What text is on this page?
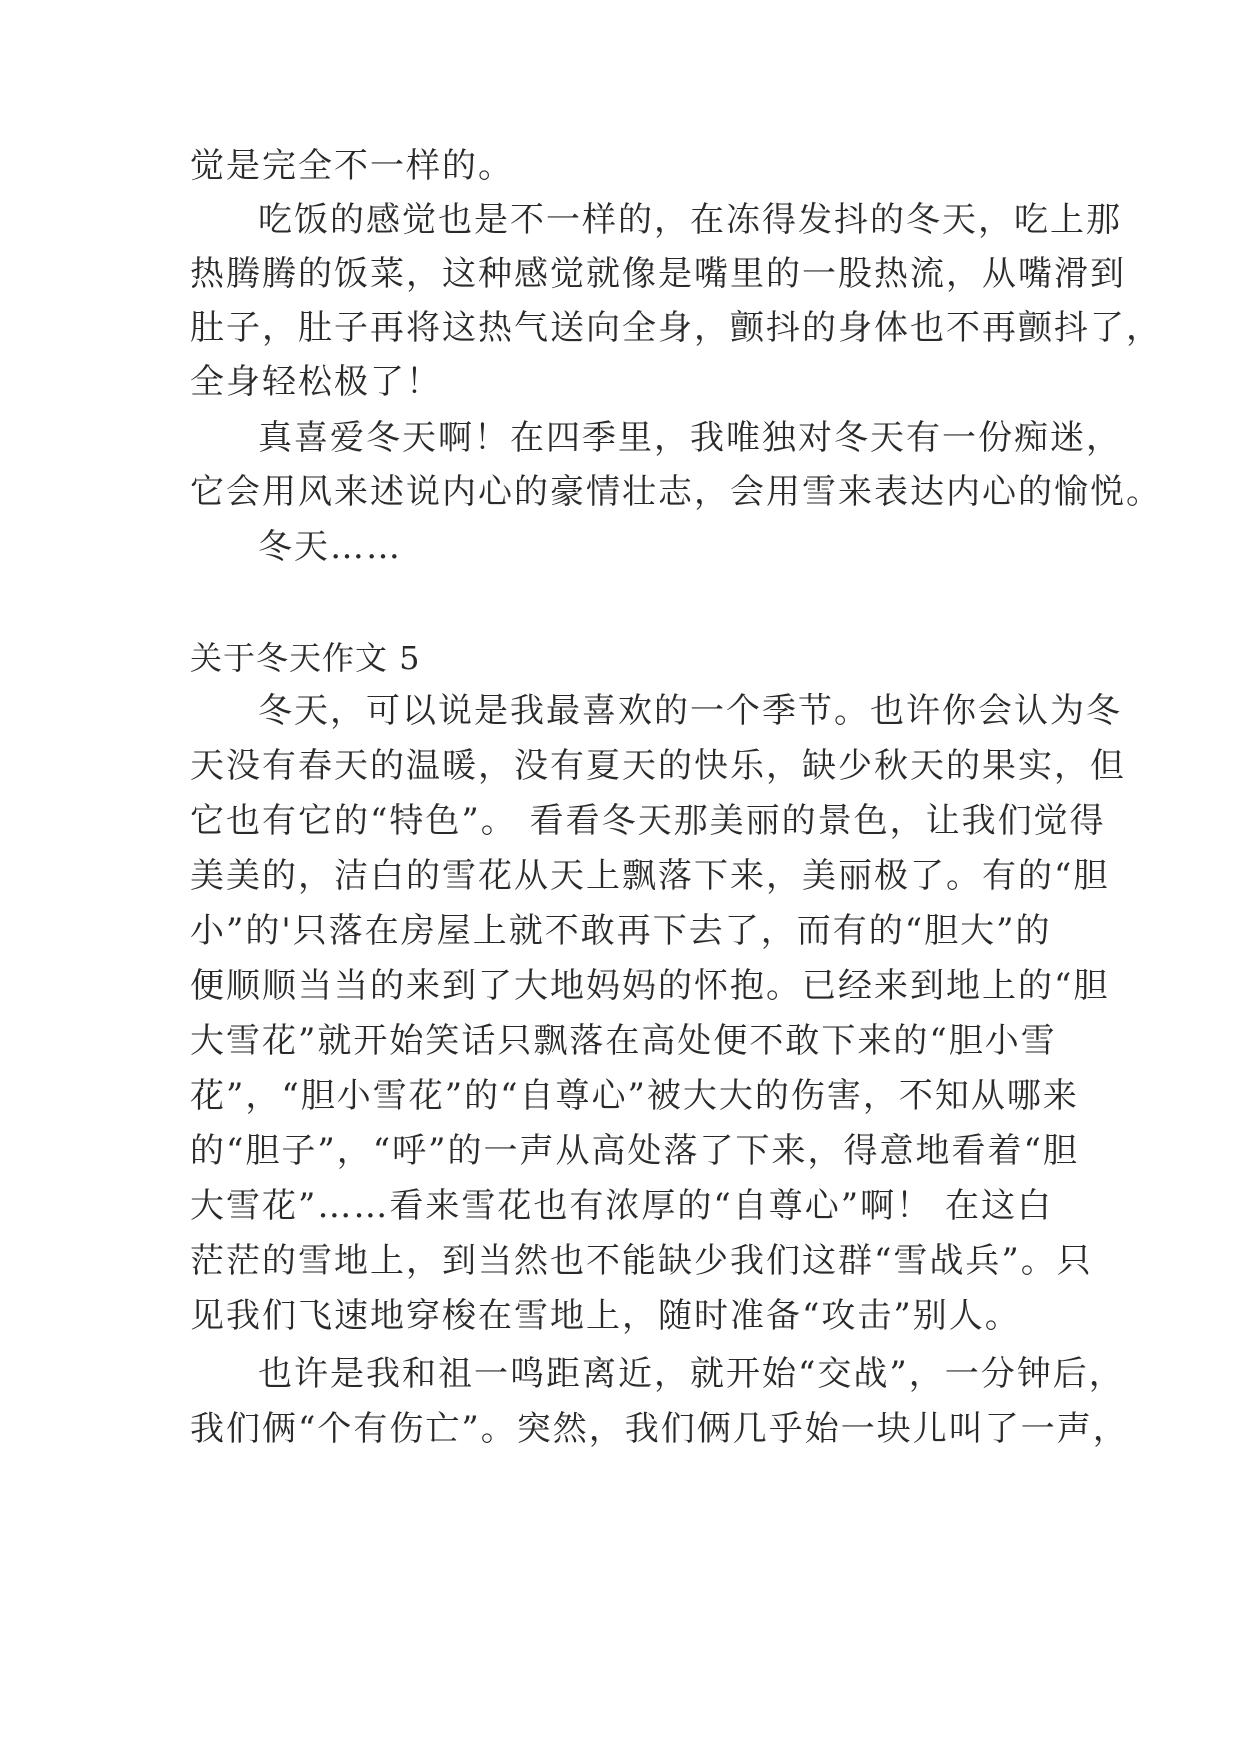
觉是完全不一样的。
吃饭的感觉也是不一样的，在冻得发抖的冬天，吃上那
热腾腾的饭菜，这种感觉就像是嘴里的一股热流，从嘴滑到
肚子，肚子再将这热气送向全身，颤抖的身体也不再颤抖了，
全身轻松极了！
真喜爱冬天啊！在四季里，我唯独对冬天有一份痴迷，
它会用风来述说内心的豪情壮志，会用雪来表达内心的愉悦。
冬天……
关于冬天作文 5
冬天，可以说是我最喜欢的一个季节。也许你会认为冬
天没有春天的温暖，没有夏天的快乐，缺少秋天的果实，但
它也有它的“特色”。 看看冬天那美丽的景色，让我们觉得
美美的，洁白的雪花从天上飘落下来，美丽极了。有的“胆
小”的'只落在房屋上就不敢再下去了，而有的“胆大”的
便顺顺当当的来到了大地妈妈的怀抱。已经来到地上的“胆
大雪花”就开始笑话只飘落在高处便不敢下来的“胆小雪
花”，“胆小雪花”的“自尊心”被大大的伤害，不知从哪来
的“胆子”，“呼”的一声从高处落了下来，得意地看着“胆
大雪花”……看来雪花也有浓厚的“自尊心”啊！ 在这白
茫茫的雪地上，到当然也不能缺少我们这群“雪战兵”。只
见我们飞速地穿梭在雪地上，随时准备“攻击”别人。
也许是我和祖一鸣距离近，就开始“交战”，一分钟后，
我们俩“个有伤亡”。突然，我们俩几乎始一块儿叫了一声，
